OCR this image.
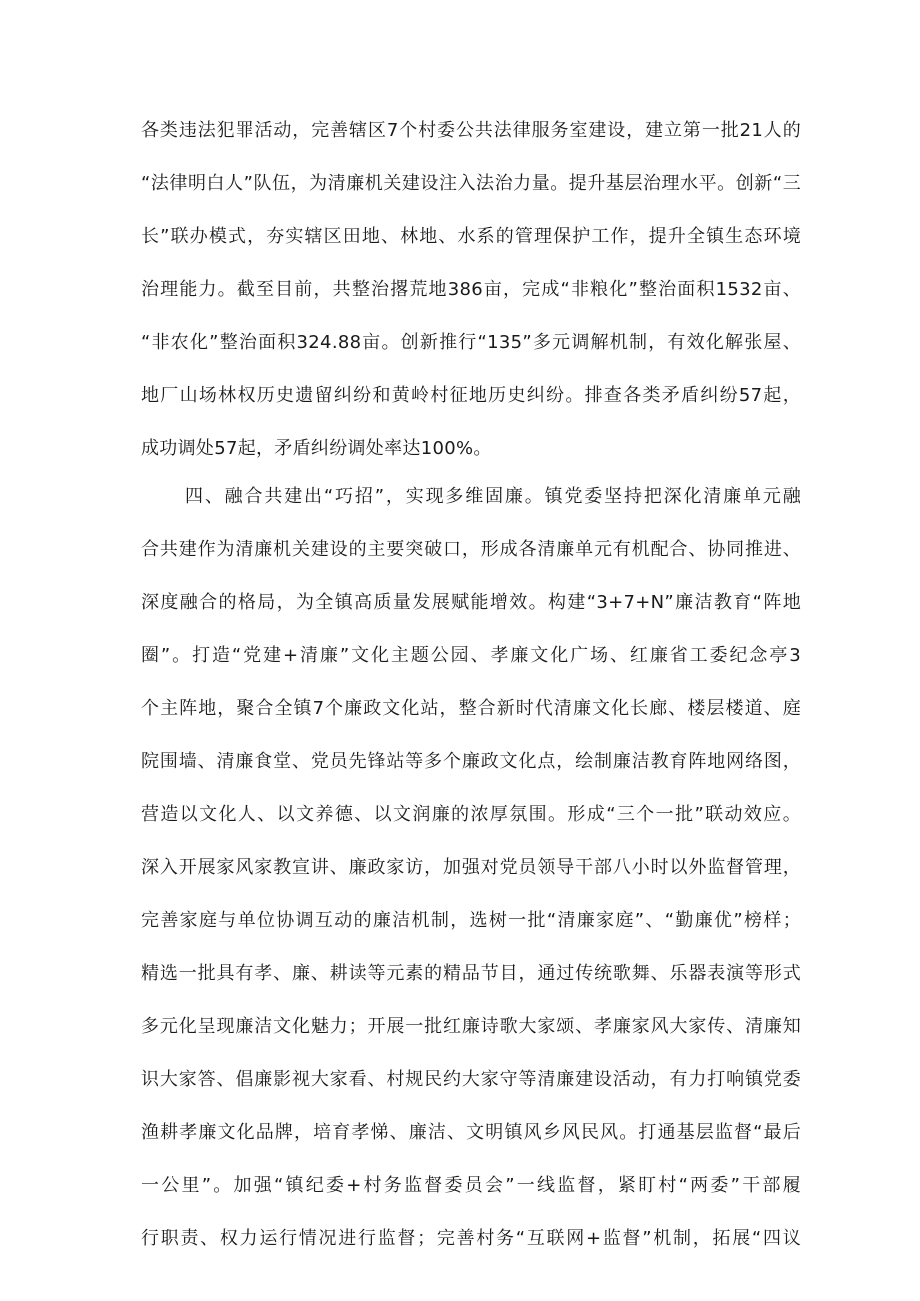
各类违法犯罪活动，完善辖区7个村委公共法律服务室建设，建立第一批21人的
“法律明白人”队伍，为清廉机关建设注入法治力量。提升基层治理水平。创新“三
长”联办模式，夯实辖区田地、林地、水系的管理保护工作，提升全镇生态环境
治理能力。截至目前，共整治撂荒地386亩，完成“非粮化”整治面积1532亩、
“非农化”整治面积324.88亩。创新推行“135”多元调解机制，有效化解张屋、
地厂山场林权历史遗留纠纷和黄岭村征地历史纠纷。排查各类矛盾纠纷57起，
成功调处57起，矛盾纠纷调处率达100%。
四、融合共建出“巧招”，实现多维固廉。镇党委坚持把深化清廉单元融
合共建作为清廉机关建设的主要突破口，形成各清廉单元有机配合、协同推进、
深度融合的格局，为全镇高质量发展赋能增效。构建“3+7+N”廉洁教育“阵地
圈”。打造“党建+清廉”文化主题公园、孝廉文化广场、红廉省工委纪念亭3
个主阵地，聚合全镇7个廉政文化站，整合新时代清廉文化长廊、楼层楼道、庭
院围墙、清廉食堂、党员先锋站等多个廉政文化点，绘制廉洁教育阵地网络图，
营造以文化人、以文养德、以文润廉的浓厚氛围。形成“三个一批”联动效应。
深入开展家风家教宣讲、廉政家访，加强对党员领导干部八小时以外监督管理，
完善家庭与单位协调互动的廉洁机制，选树一批“清廉家庭”、“勤廉优”榜样；
精选一批具有孝、廉、耕读等元素的精品节目，通过传统歌舞、乐器表演等形式
多元化呈现廉洁文化魅力；开展一批红廉诗歌大家颂、孝廉家风大家传、清廉知
识大家答、倡廉影视大家看、村规民约大家守等清廉建设活动，有力打响镇党委
渔耕孝廉文化品牌，培育孝悌、廉洁、文明镇风乡风民风。打通基层监督“最后
一公里”。加强“镇纪委+村务监督委员会”一线监督，紧盯村“两委”干部履
行职责、权力运行情况进行监督；完善村务“互联网+监督”机制，拓展“四议
